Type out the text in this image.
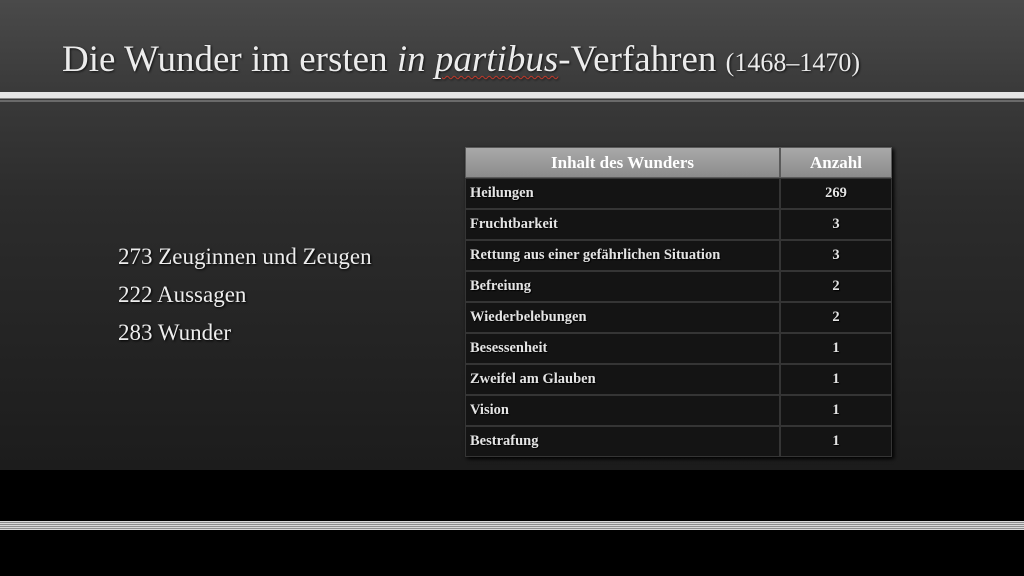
Die Wunder im ersten in partibus-Verfahren (1468–1470)
273 Zeuginnen und Zeugen
222 Aussagen
283 Wunder
Inhalt des Wunders	Anzahl
Heilungen	269
Fruchtbarkeit	3
Rettung aus einer gefährlichen Situation	3
Befreiung	2
Wiederbelebungen	2
Besessenheit	1
Zweifel am Glauben	1
Vision	1
Bestrafung	1
